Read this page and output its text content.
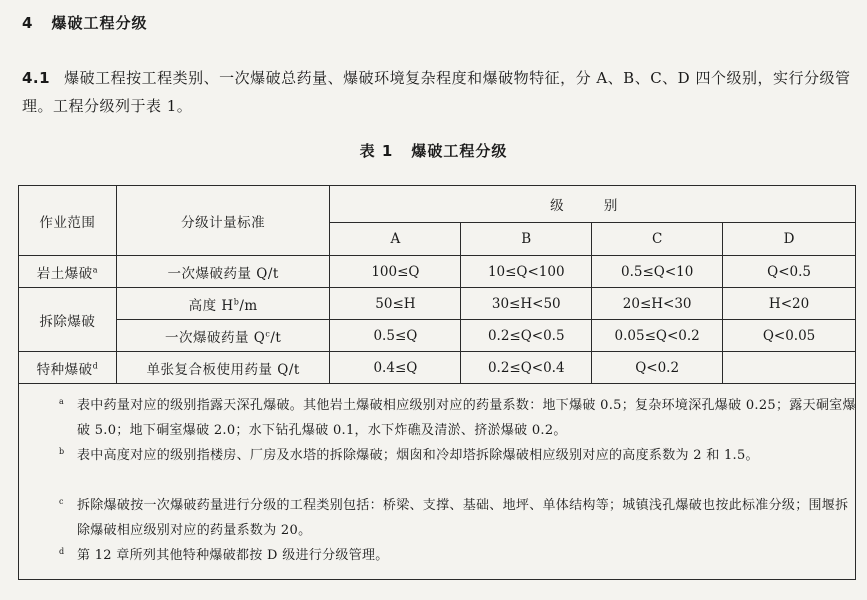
4 爆破工程分级
4.1 爆破工程按工程类别、一次爆破总药量、爆破环境复杂程度和爆破物特征，分 A、B、C、D 四个级别，实行分级管理。工程分级列于表 1。
表 1 爆破工程分级
作业范围	分级计量标准	级 别			
		A	B	C	D
岩土爆破$^a$	一次爆破药量 Q/t	100≤Q	10≤Q<100	0.5≤Q<10	Q<0.5
拆除爆破	高度 $H^b/m$	50≤H	30≤H<50	20≤H<30	H<20
	一次爆破药量 $Q^c/t$	0.5≤Q	0.2≤Q<0.5	0.05≤Q<0.2	Q<0.05
特种爆破$^d$	单张复合板使用药量 Q/t	0.4≤Q	0.2≤Q<0.4	Q<0.2	
a 表中药量对应的级别指露天深孔爆破。其他岩土爆破相应级别对应的药量系数：地下爆破 0.5；复杂环境深孔爆破 0.25；露天硐室爆破 5.0；地下硐室爆破 2.0；水下钻孔爆破 0.1，水下炸礁及清淤、挤淤爆破 0.2。
b 表中高度对应的级别指楼房、厂房及水塔的拆除爆破；烟囱和冷却塔拆除爆破相应级别对应的高度系数为 2 和 1.5。
c 拆除爆破按一次爆破药量进行分级的工程类别包括：桥梁、支撑、基础、地坪、单体结构等；城镇浅孔爆破也按此标准分级；围堰拆除爆破相应级别对应的药量系数为 20。
d 第 12 章所列其他特种爆破都按 D 级进行分级管理。
